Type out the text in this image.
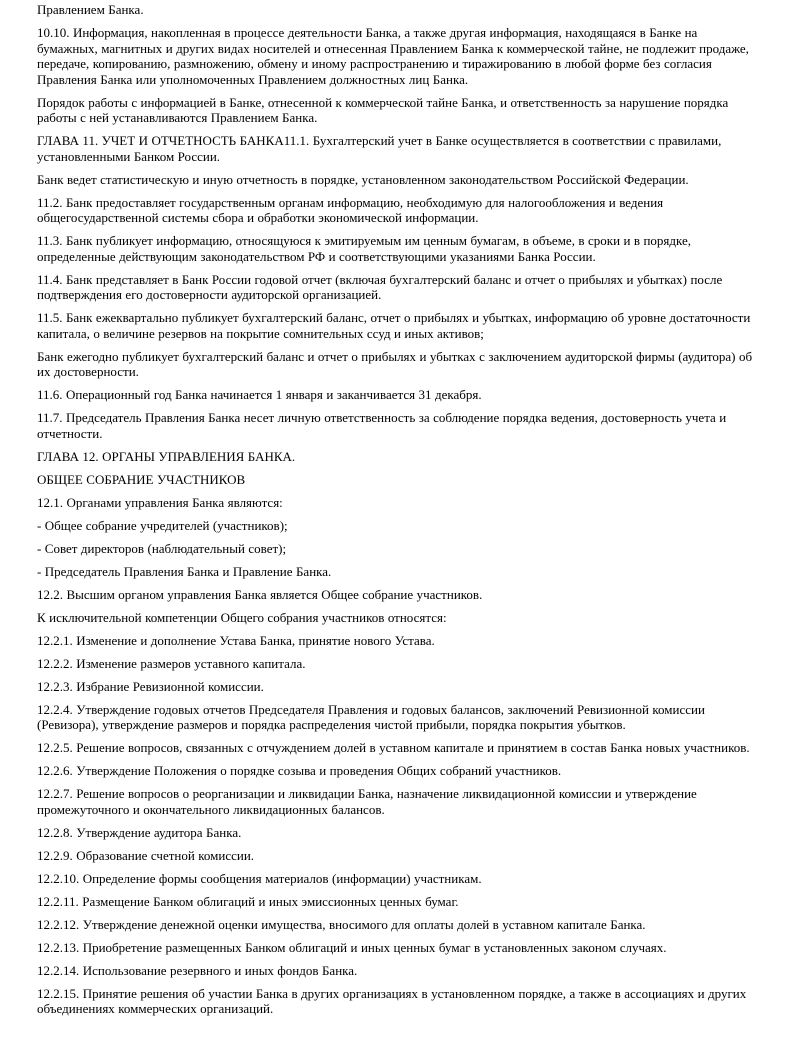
Правлением Банка.

10.10. Информация, накопленная в процессе деятельности Банка, а также другая информация, находящаяся в Банке на бумажных, магнитных и других видах носителей и отнесенная Правлением Банка к коммерческой тайне, не подлежит продаже, передаче, копированию, размножению, обмену и иному распространению и тиражированию в любой форме без согласия Правления Банка или уполномоченных Правлением должностных лиц Банка.

Порядок работы с информацией в Банке, отнесенной к коммерческой тайне Банка, и ответственность за нарушение порядка работы с ней устанавливаются Правлением Банка.

ГЛАВА 11. УЧЕТ И ОТЧЕТНОСТЬ БАНКА11.1. Бухгалтерский учет в Банке осуществляется в соответствии с правилами, установленными Банком России.

Банк ведет статистическую и иную отчетность в порядке, установленном законодательством Российской Федерации.

11.2. Банк предоставляет государственным органам информацию, необходимую для налогообложения и ведения общегосударственной системы сбора и обработки экономической информации.

11.3. Банк публикует информацию, относящуюся к эмитируемым им ценным бумагам, в объеме, в сроки и в порядке, определенные действующим законодательством РФ и соответствующими указаниями Банка России.

11.4. Банк представляет в Банк России годовой отчет (включая бухгалтерский баланс и отчет о прибылях и убытках) после подтверждения его достоверности аудиторской организацией.

11.5. Банк ежеквартально публикует бухгалтерский баланс, отчет о прибылях и убытках, информацию об уровне достаточности капитала, о величине резервов на покрытие сомнительных ссуд и иных активов;

Банк ежегодно публикует бухгалтерский баланс и отчет о прибылях и убытках с заключением аудиторской фирмы (аудитора) об их достоверности.

11.6. Операционный год Банка начинается 1 января и заканчивается 31 декабря.

11.7. Председатель Правления Банка несет личную ответственность за соблюдение порядка ведения, достоверность учета и отчетности.

ГЛАВА 12. ОРГАНЫ УПРАВЛЕНИЯ БАНКА.

ОБЩЕЕ СОБРАНИЕ УЧАСТНИКОВ

12.1. Органами управления Банка являются:

- Общее собрание учредителей (участников);

- Совет директоров (наблюдательный совет);

- Председатель Правления Банка и Правление Банка.

12.2. Высшим органом управления Банка является Общее собрание участников.

К исключительной компетенции Общего собрания участников относятся:

12.2.1. Изменение и дополнение Устава Банка, принятие нового Устава.

12.2.2. Изменение размеров уставного капитала.

12.2.3. Избрание Ревизионной комиссии.

12.2.4. Утверждение годовых отчетов Председателя Правления и годовых балансов, заключений Ревизионной комиссии (Ревизора), утверждение размеров и порядка распределения чистой прибыли, порядка покрытия убытков.

12.2.5. Решение вопросов, связанных с отчуждением долей в уставном капитале и принятием в состав Банка новых участников.

12.2.6. Утверждение Положения о порядке созыва и проведения Общих собраний участников.

12.2.7. Решение вопросов о реорганизации и ликвидации Банка, назначение ликвидационной комиссии и утверждение промежуточного и окончательного ликвидационных балансов.

12.2.8. Утверждение аудитора Банка.

12.2.9. Образование счетной комиссии.

12.2.10. Определение формы сообщения материалов (информации) участникам.

12.2.11. Размещение Банком облигаций и иных эмиссионных ценных бумаг.

12.2.12. Утверждение денежной оценки имущества, вносимого для оплаты долей в уставном капитале Банка.

12.2.13. Приобретение размещенных Банком облигаций и иных ценных бумаг в установленных законом случаях.

12.2.14. Использование резервного и иных фондов Банка.

12.2.15. Принятие решения об участии Банка в других организациях в установленном порядке, а также в ассоциациях и других объединениях коммерческих организаций.
